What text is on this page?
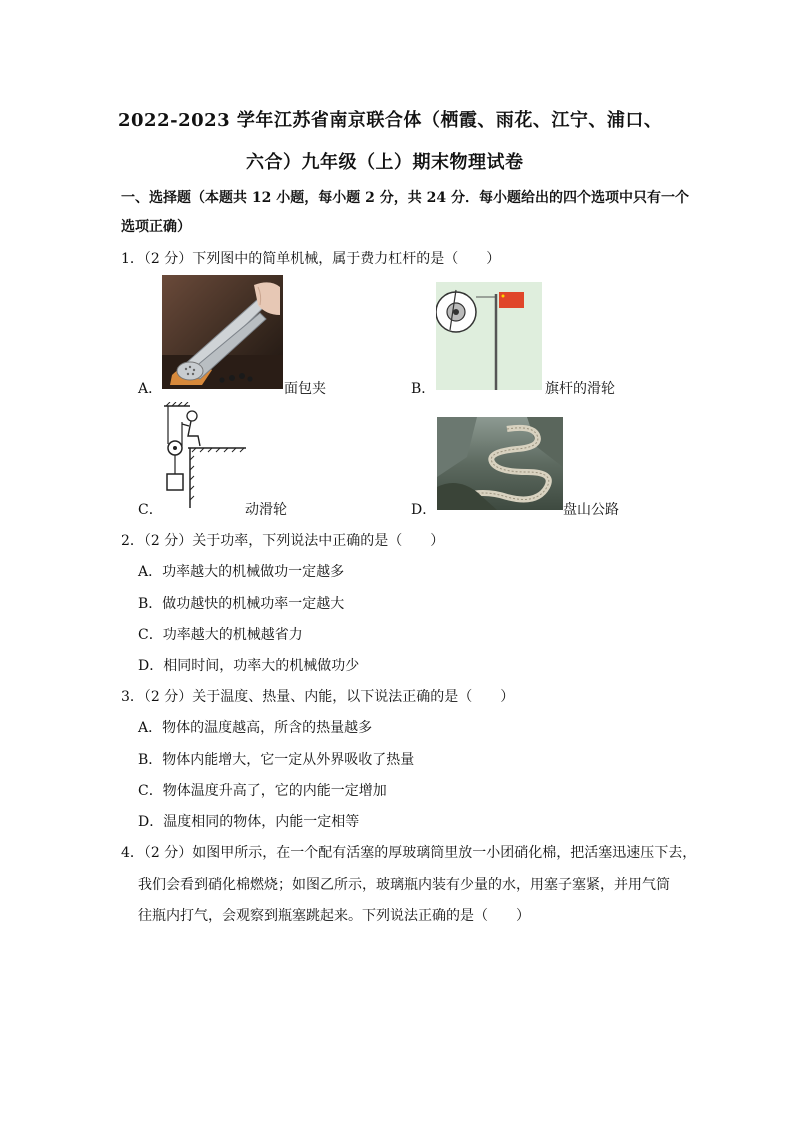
2022-2023 学年江苏省南京联合体（栖霞、雨花、江宁、浦口、
六合）九年级（上）期末物理试卷
一、选择题（本题共 12 小题，每小题 2 分，共 24 分．每小题给出的四个选项中只有一个
选项正确）
1．（2 分）下列图中的简单机械，属于费力杠杆的是（　　）
A．	面包夹	B．	旗杆的滑轮
C．	动滑轮	D．	盘山公路
2．（2 分）关于功率，下列说法中正确的是（　　）
A．功率越大的机械做功一定越多
B．做功越快的机械功率一定越大
C．功率越大的机械越省力
D．相同时间，功率大的机械做功少
3．（2 分）关于温度、热量、内能，以下说法正确的是（　　）
A．物体的温度越高，所含的热量越多
B．物体内能增大，它一定从外界吸收了热量
C．物体温度升高了，它的内能一定增加
D．温度相同的物体，内能一定相等
4．（2 分）如图甲所示，在一个配有活塞的厚玻璃筒里放一小团硝化棉，把活塞迅速压下去，
我们会看到硝化棉燃烧；如图乙所示，玻璃瓶内装有少量的水，用塞子塞紧，并用气筒
往瓶内打气，会观察到瓶塞跳起来。下列说法正确的是（　　）
